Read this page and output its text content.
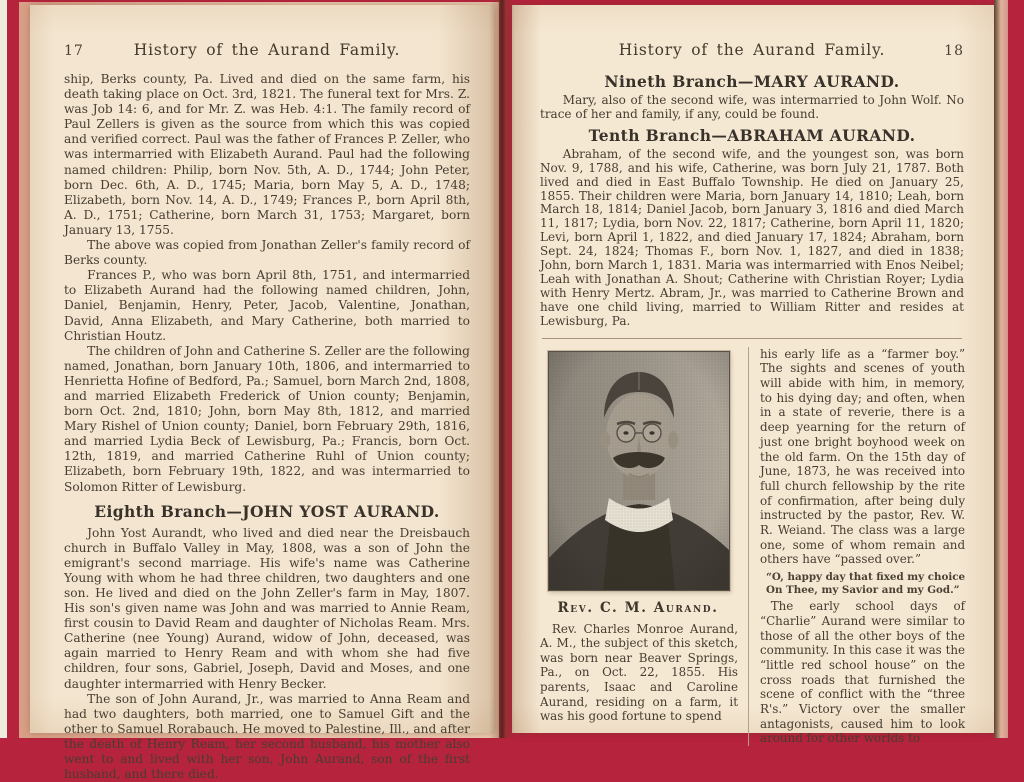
17	History of the Aurand Family.

ship, Berks county, Pa. Lived and died on the same farm, his death taking place on Oct. 3rd, 1821. The funeral text for Mrs. Z. was Job 14: 6, and for Mr. Z. was Heb. 4:1. The family record of Paul Zellers is given as the source from which this was copied and verified correct. Paul was the father of Frances P. Zeller, who was intermarried with Elizabeth Aurand. Paul had the following named children: Philip, born Nov. 5th, A. D., 1744; John Peter, born Dec. 6th, A. D., 1745; Maria, born May 5, A. D., 1748; Elizabeth, born Nov. 14, A. D., 1749; Frances P., born April 8th, A. D., 1751; Catherine, born March 31, 1753; Margaret, born January 13, 1755.

The above was copied from Jonathan Zeller's family record of Berks county.

Frances P., who was born April 8th, 1751, and intermarried to Elizabeth Aurand had the following named children, John, Daniel, Benjamin, Henry, Peter, Jacob, Valentine, Jonathan, David, Anna Elizabeth, and Mary Catherine, both married to Christian Houtz.

The children of John and Catherine S. Zeller are the following named, Jonathan, born January 10th, 1806, and intermarried to Henrietta Hofine of Bedford, Pa.; Samuel, born March 2nd, 1808, and married Elizabeth Frederick of Union county; Benjamin, born Oct. 2nd, 1810; John, born May 8th, 1812, and married Mary Rishel of Union county; Daniel, born February 29th, 1816, and married Lydia Beck of Lewisburg, Pa.; Francis, born Oct. 12th, 1819, and married Catherine Ruhl of Union county; Elizabeth, born February 19th, 1822, and was intermarried to Solomon Ritter of Lewisburg.

Eighth Branch—JOHN YOST AURAND.

John Yost Aurandt, who lived and died near the Dreisbauch church in Buffalo Valley in May, 1808, was a son of John the emigrant's second marriage. His wife's name was Catherine Young with whom he had three children, two daughters and one son. He lived and died on the John Zeller's farm in May, 1807. His son's given name was John and was married to Annie Ream, first cousin to David Ream and daughter of Nicholas Ream. Mrs. Catherine (nee Young) Aurand, widow of John, deceased, was again married to Henry Ream and with whom she had five children, four sons, Gabriel, Joseph, David and Moses, and one daughter intermarried with Henry Becker.

The son of John Aurand, Jr., was married to Anna Ream and had two daughters, both married, one to Samuel Gift and the other to Samuel Rorabauch. He moved to Palestine, Ill., and after the death of Henry Ream, her second husband, his mother also went to and lived with her son, John Aurand, son of the first husband, and there died.

History of the Aurand Family.	18
Nineth Branch—MARY AURAND.

Mary, also of the second wife, was intermarried to John Wolf. No trace of her and family, if any, could be found.

Tenth Branch—ABRAHAM AURAND.

Abraham, of the second wife, and the youngest son, was born Nov. 9, 1788, and his wife, Catherine, was born July 21, 1787. Both lived and died in East Buffalo Township. He died on January 25, 1855. Their children were Maria, born January 14, 1810; Leah, born March 18, 1814; Daniel Jacob, born January 3, 1816 and died March 11, 1817; Lydia, born Nov. 22, 1817; Catherine, born April 11, 1820; Levi, born April 1, 1822, and died January 17, 1824; Abraham, born Sept. 24, 1824; Thomas F., born Nov. 1, 1827, and died in 1838; John, born March 1, 1831. Maria was intermarried with Enos Neibel; Leah with Jonathan A. Shout; Catherine with Christian Royer; Lydia with Henry Mertz. Abram, Jr., was married to Catherine Brown and have one child living, married to William Ritter and resides at Lewisburg, Pa.

Rev. C. M. Aurand.

Rev. Charles Monroe Aurand, A. M., the subject of this sketch, was born near Beaver Springs, Pa., on Oct. 22, 1855. His parents, Isaac and Caroline Aurand, residing on a farm, it was his good fortune to spend

his early life as a “farmer boy.” The sights and scenes of youth will abide with him, in memory, to his dying day; and often, when in a state of reverie, there is a deep yearning for the return of just one bright boyhood week on the old farm. On the 15th day of June, 1873, he was received into full church fellowship by the rite of confirmation, after being duly instructed by the pastor, Rev. W. R. Weiand. The class was a large one, some of whom remain and others have “passed over.”

“O, happy day that fixed my choice
On Thee, my Savior and my God.”

The early school days of “Charlie” Aurand were similar to those of all the other boys of the community. In this case it was the “little red school house” on the cross roads that furnished the scene of conflict with the “three R's.” Victory over the smaller antagonists, caused him to look around for other worlds to
